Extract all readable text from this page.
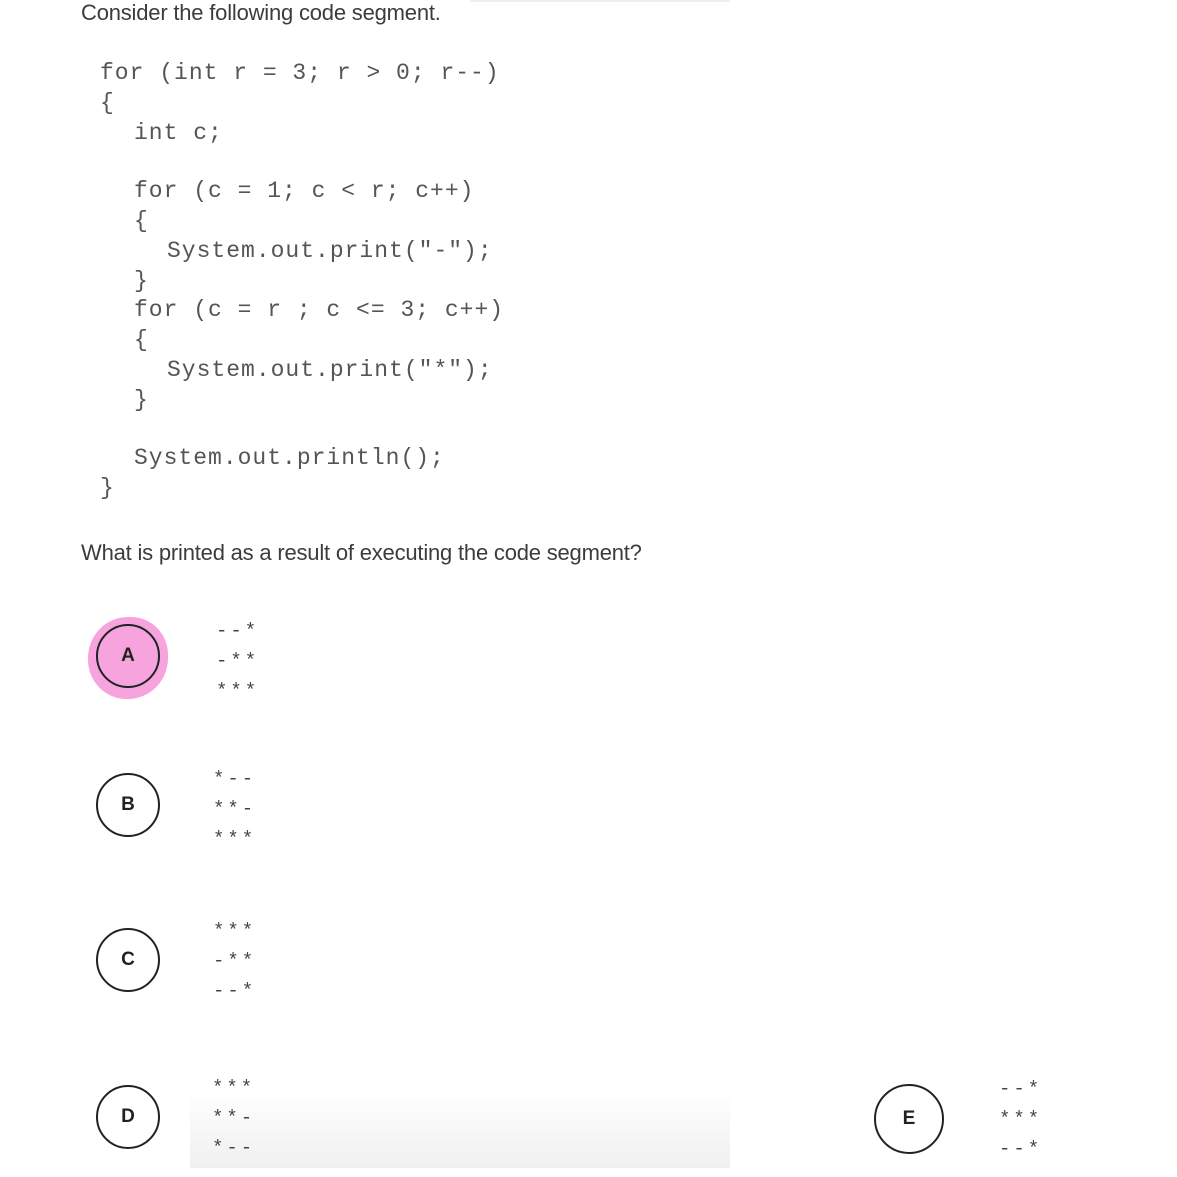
Consider the following code segment.
for (int r = 3; r > 0; r--)
{
int c;
for (c = 1; c < r; c++)
{
System.out.print("-");
}
for (c = r ; c <= 3; c++)
{
System.out.print("*");
}
System.out.println();
}
What is printed as a result of executing the code segment?
A
--*
-**
***
B
*--
**-
***
C
***
-**
--*
D
***
**-
*--
E
--*
***
--*
